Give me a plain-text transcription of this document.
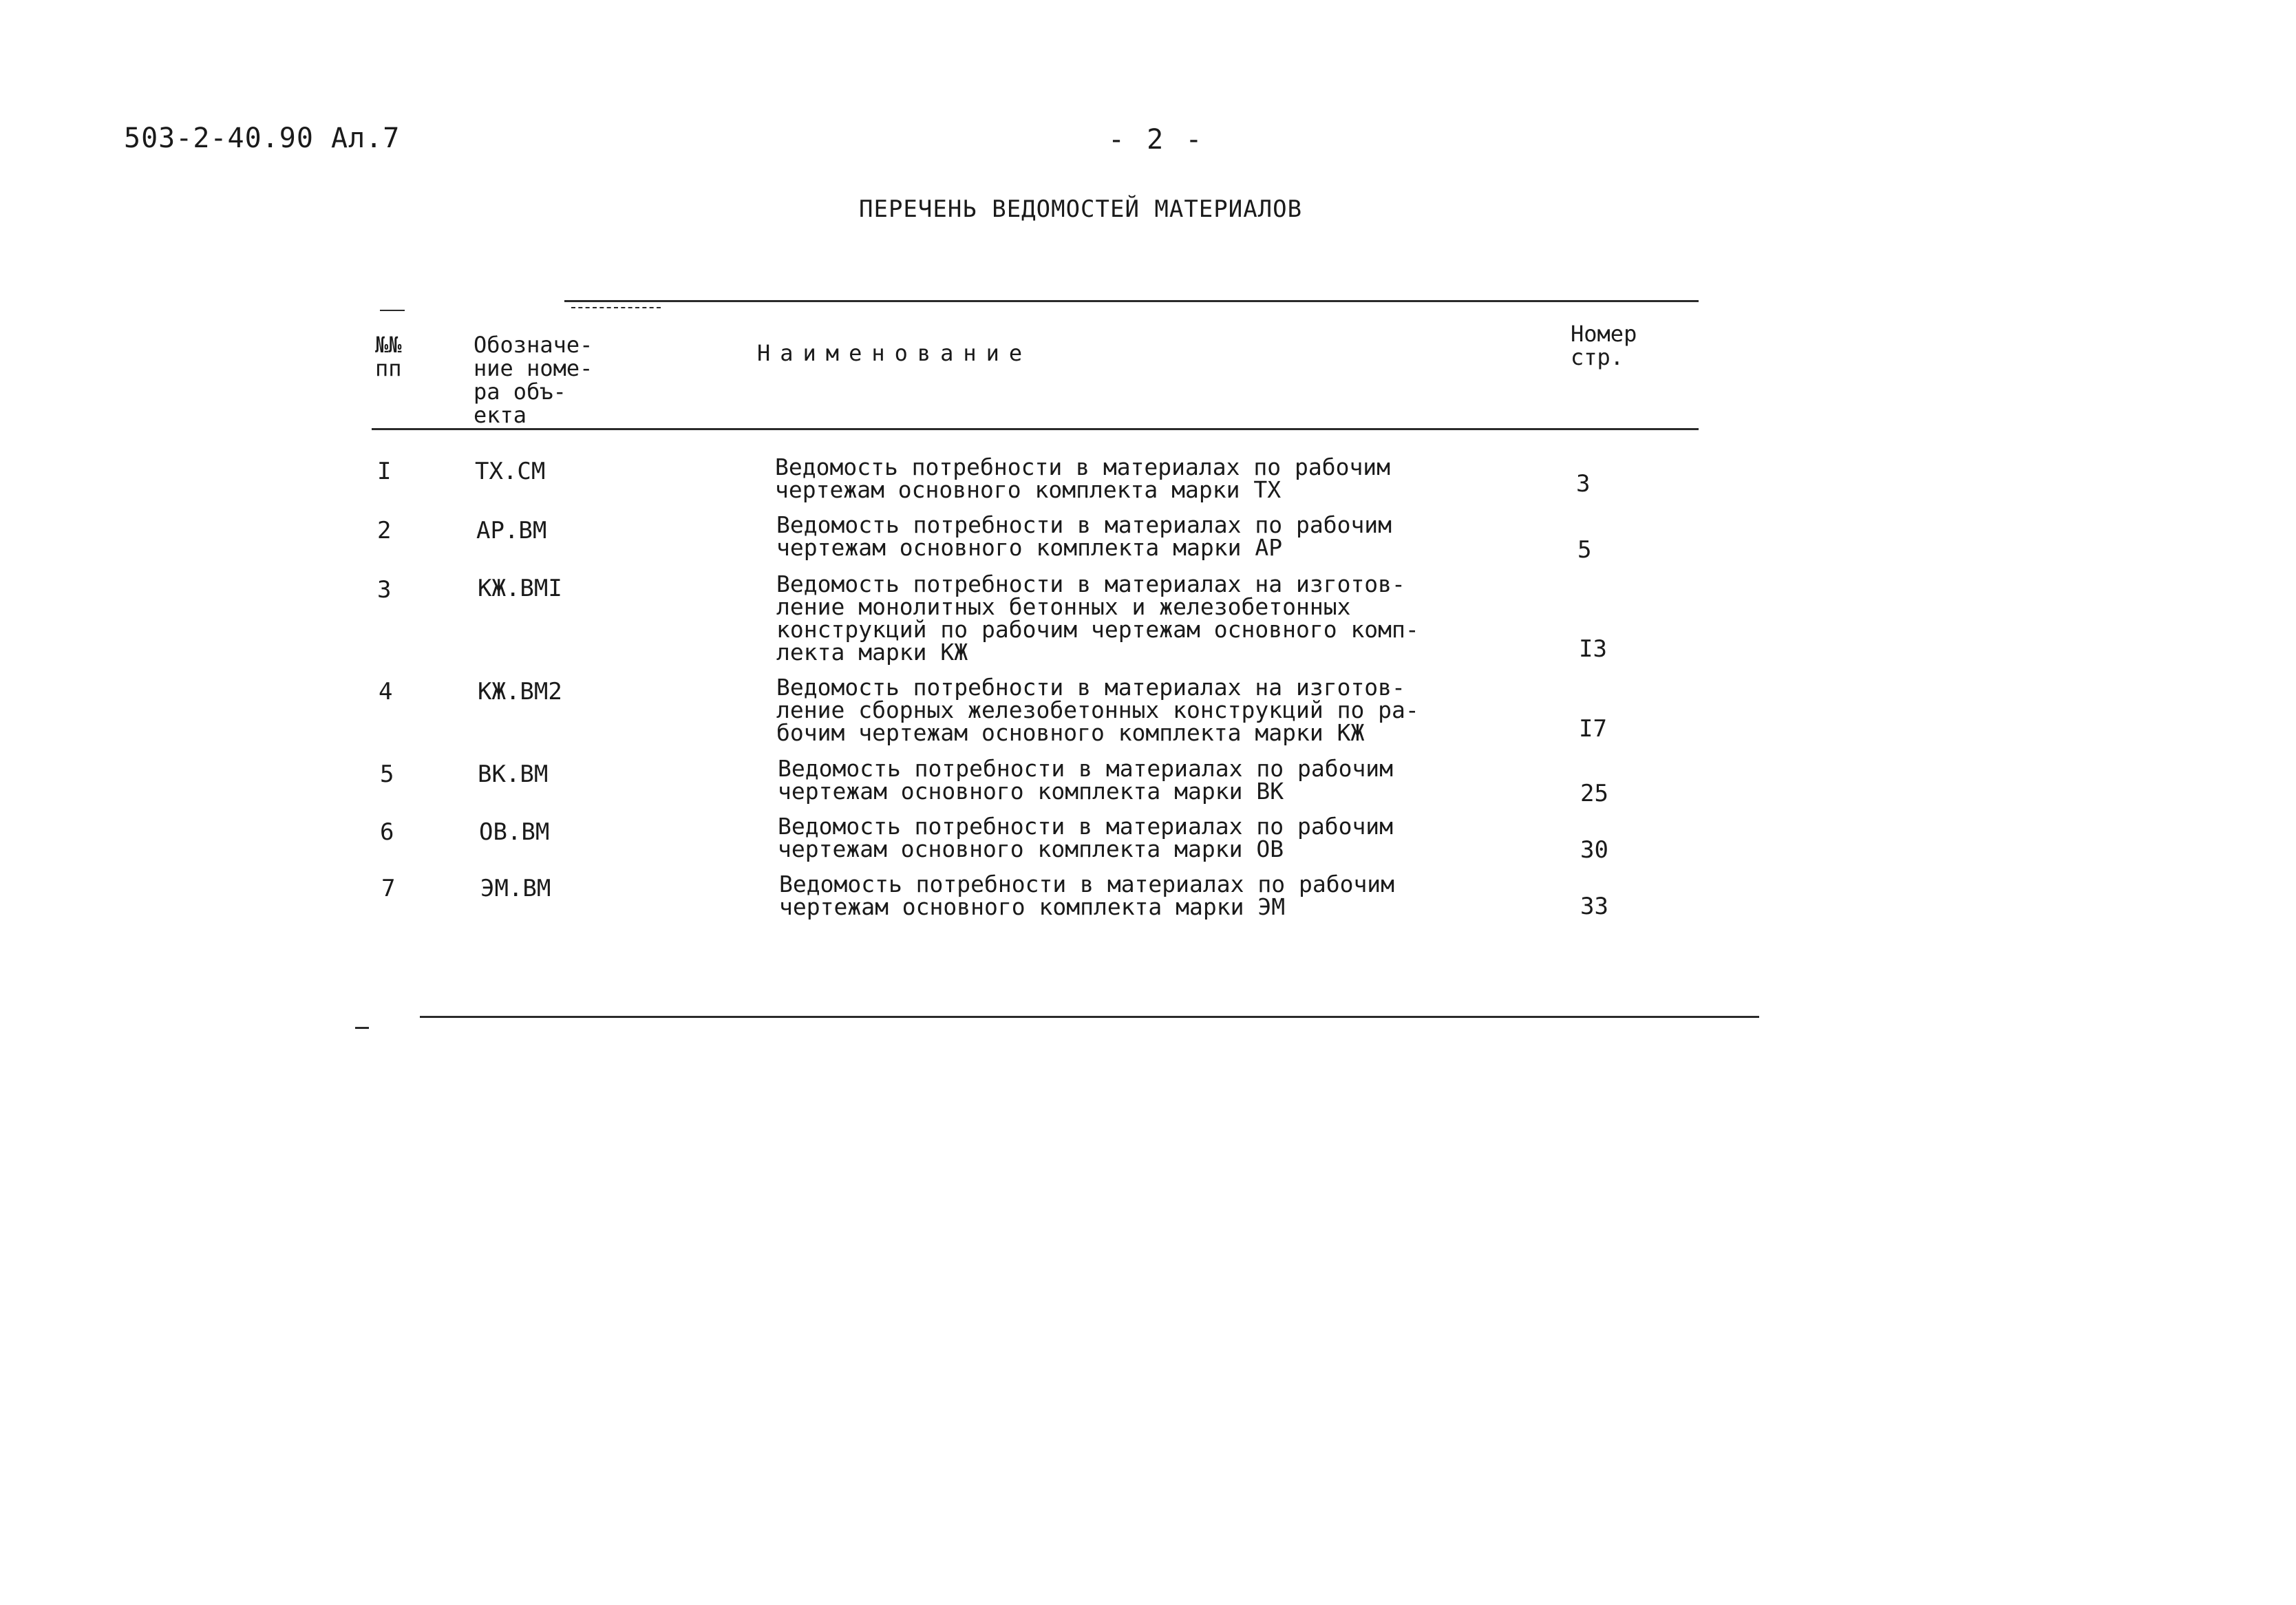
503-2-40.90 Ал.7	- 2 -
ПЕРЕЧЕНЬ ВЕДОМОСТЕЙ МАТЕРИАЛОВ
№№
пп
Обозначе-
ние номе-
ра объ-
екта
Наименование
Номер
стр.
I	ТХ.СМ	Ведомость потребности в материалах по рабочим
чертежам основного комплекта марки ТХ	3
2	АР.ВМ	Ведомость потребности в материалах по рабочим
чертежам основного комплекта марки АР	5
3	КЖ.ВМI	Ведомость потребности в материалах на изготов-
ление монолитных бетонных и железобетонных
конструкций по рабочим чертежам основного комп-
лекта марки КЖ	I3
4	КЖ.ВМ2	Ведомость потребности в материалах на изготов-
ление сборных железобетонных конструкций по ра-
бочим чертежам основного комплекта марки КЖ	I7
5	ВК.ВМ	Ведомость потребности в материалах по рабочим
чертежам основного комплекта марки ВК	25
6	ОВ.ВМ	Ведомость потребности в материалах по рабочим
чертежам основного комплекта марки ОВ	30
7	ЭМ.ВМ	Ведомость потребности в материалах по рабочим
чертежам основного комплекта марки ЭМ	33
